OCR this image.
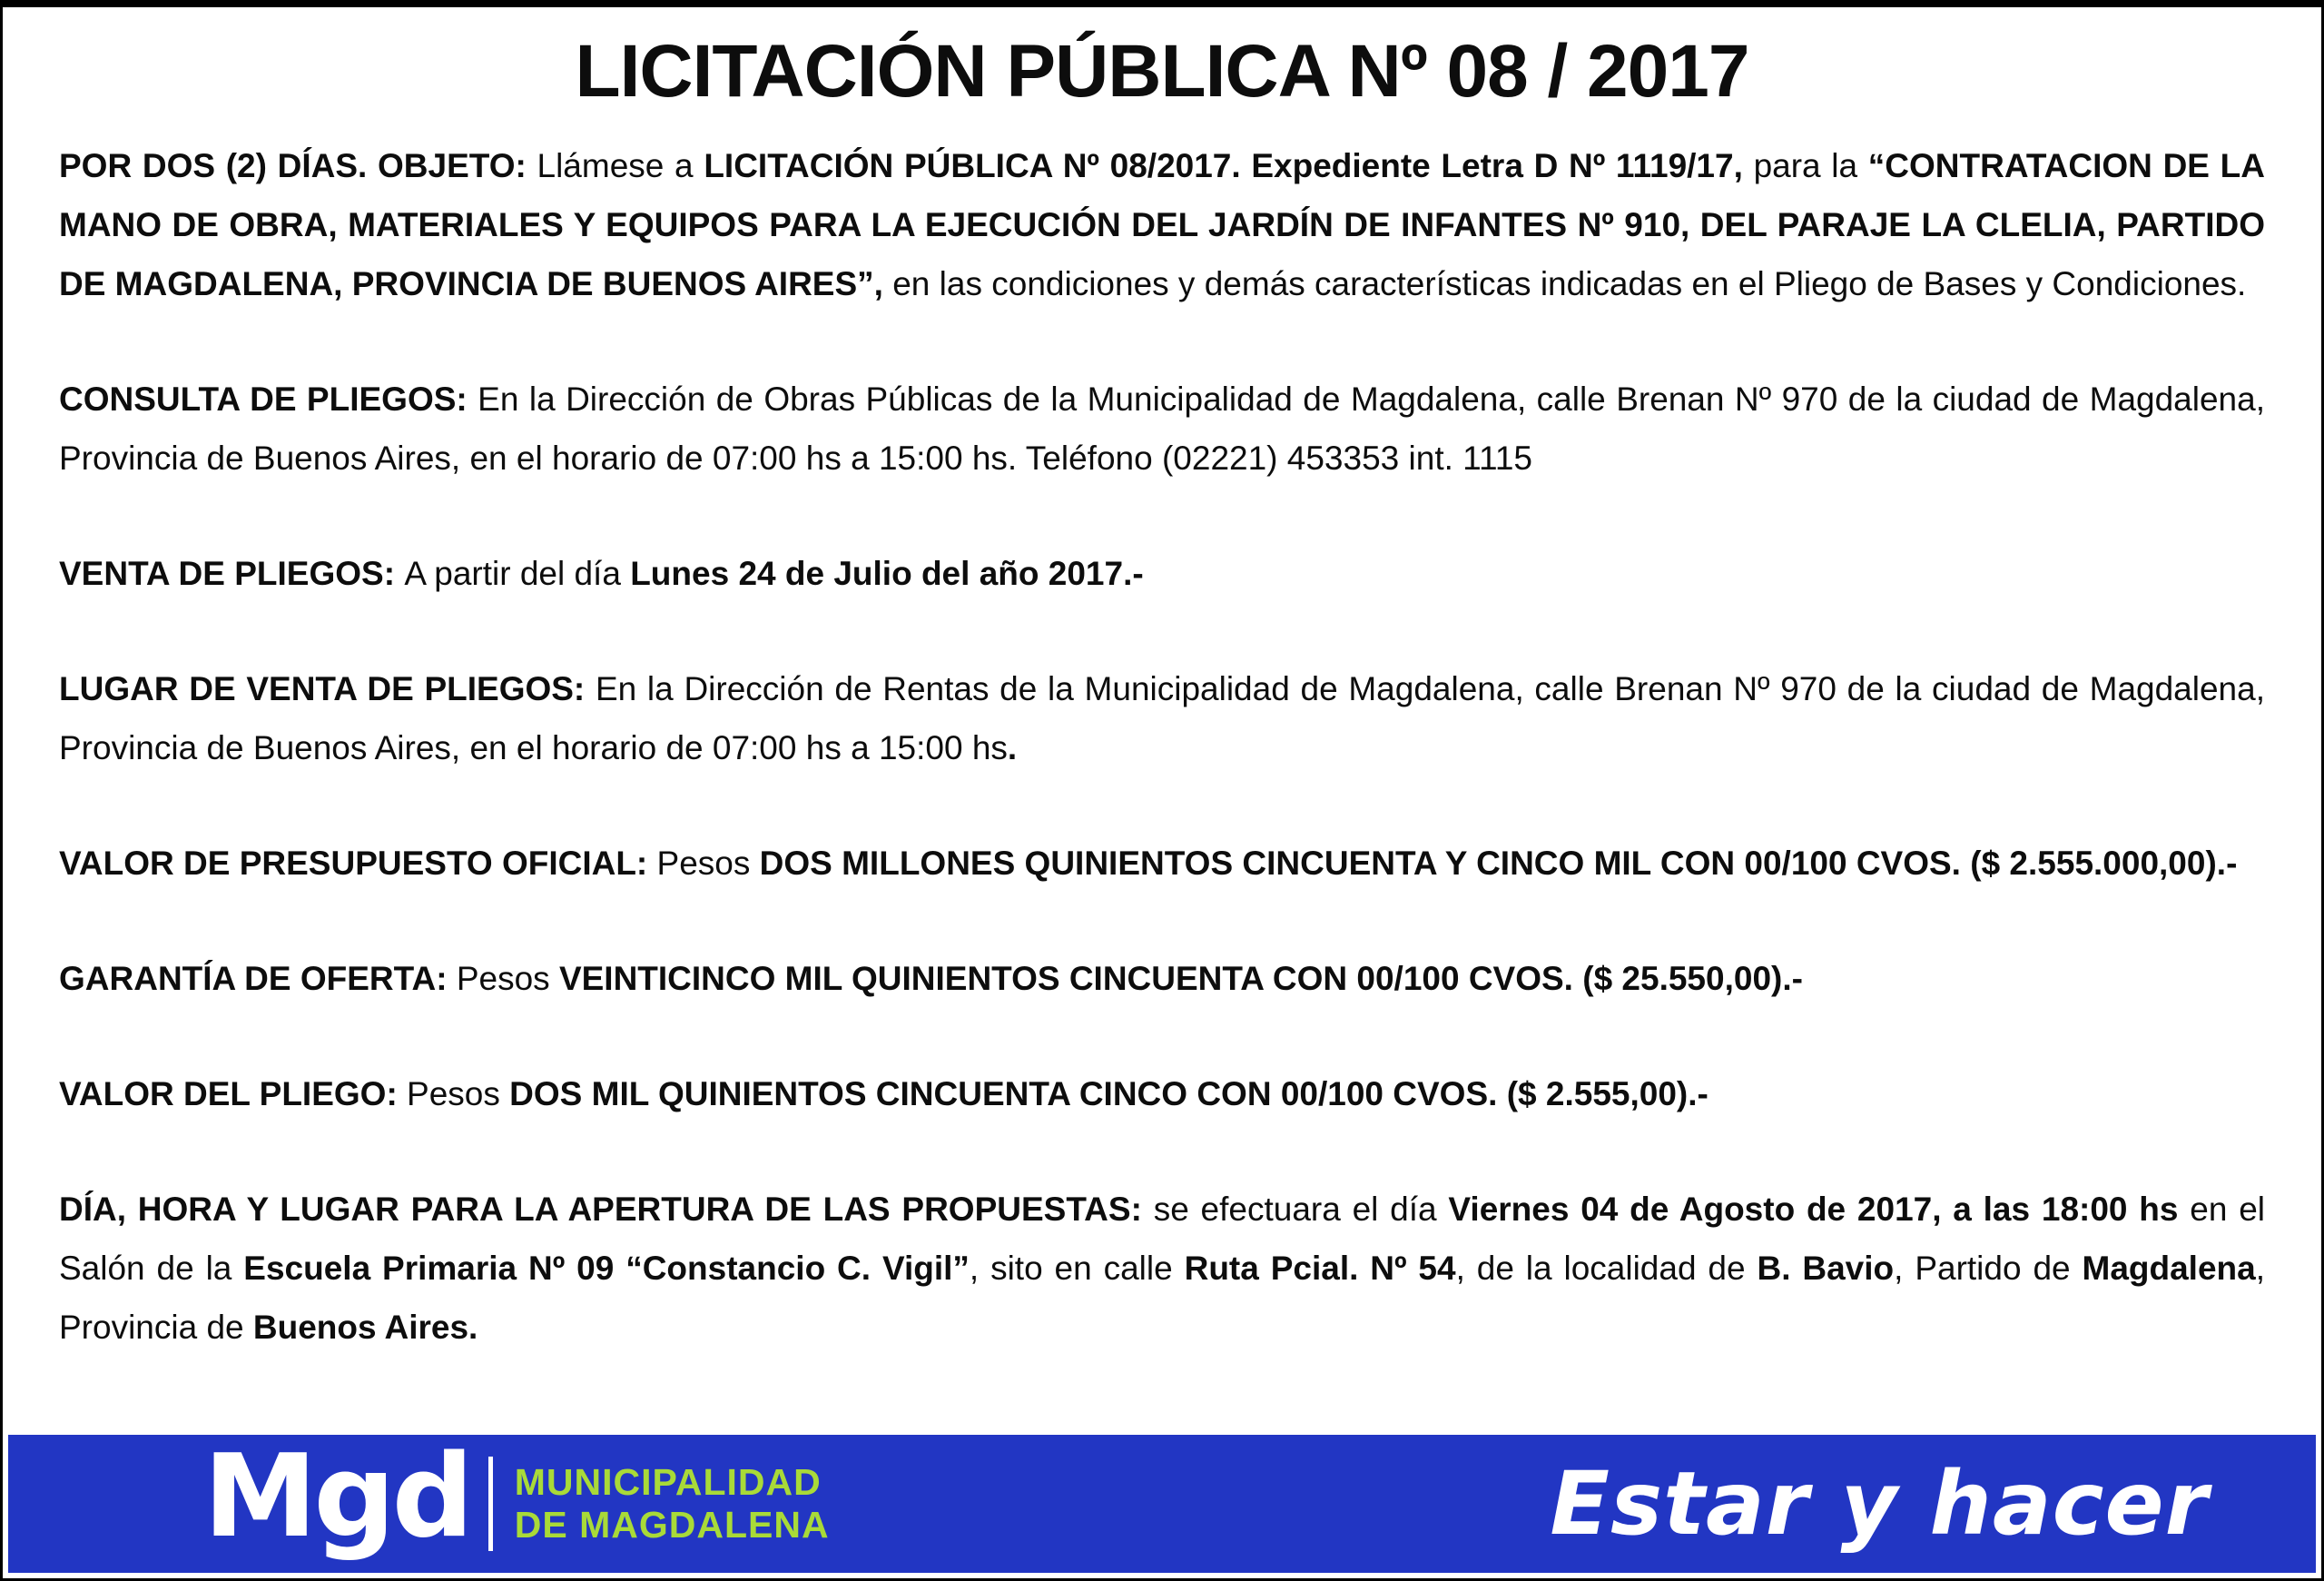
LICITACIÓN PÚBLICA Nº 08 / 2017

POR DOS (2) DÍAS. OBJETO: Llámese a LICITACIÓN PÚBLICA Nº 08/2017. Expediente Letra D Nº 1119/17, para la “CONTRATACION DE LA MANO DE OBRA, MATERIALES Y EQUIPOS PARA LA EJECUCIÓN DEL JARDÍN DE INFANTES Nº 910, DEL PARAJE LA CLELIA, PARTIDO DE MAGDALENA, PROVINCIA DE BUENOS AIRES”, en las condiciones y demás características indicadas en el Pliego de Bases y Condiciones.

CONSULTA DE PLIEGOS: En la Dirección de Obras Públicas de la Municipalidad de Magdalena, calle Brenan Nº 970 de la ciudad de Magdalena, Provincia de Buenos Aires, en el horario de 07:00 hs a 15:00 hs. Teléfono (02221) 453353 int. 1115

VENTA DE PLIEGOS: A partir del día Lunes 24 de Julio del año 2017.-

LUGAR DE VENTA DE PLIEGOS: En la Dirección de Rentas de la Municipalidad de Magdalena, calle Brenan Nº 970 de la ciudad de Magdalena, Provincia de Buenos Aires, en el horario de 07:00 hs a 15:00 hs.

VALOR DE PRESUPUESTO OFICIAL: Pesos DOS MILLONES QUINIENTOS CINCUENTA Y CINCO MIL CON 00/100 CVOS. ($ 2.555.000,00).-

GARANTÍA DE OFERTA: Pesos VEINTICINCO MIL QUINIENTOS CINCUENTA CON 00/100 CVOS. ($ 25.550,00).-

VALOR DEL PLIEGO: Pesos DOS MIL QUINIENTOS CINCUENTA CINCO CON 00/100 CVOS. ($ 2.555,00).-

DÍA, HORA Y LUGAR PARA LA APERTURA DE LAS PROPUESTAS: se efectuara el día Viernes 04 de Agosto de 2017, a las 18:00 hs en el Salón de la Escuela Primaria Nº 09 “Constancio C. Vigil”, sito en calle Ruta Pcial. Nº 54, de la localidad de B. Bavio, Partido de Magdalena, Provincia de Buenos Aires.

Mgd MUNICIPALIDAD
DE MAGDALENA	Estar y hacer
